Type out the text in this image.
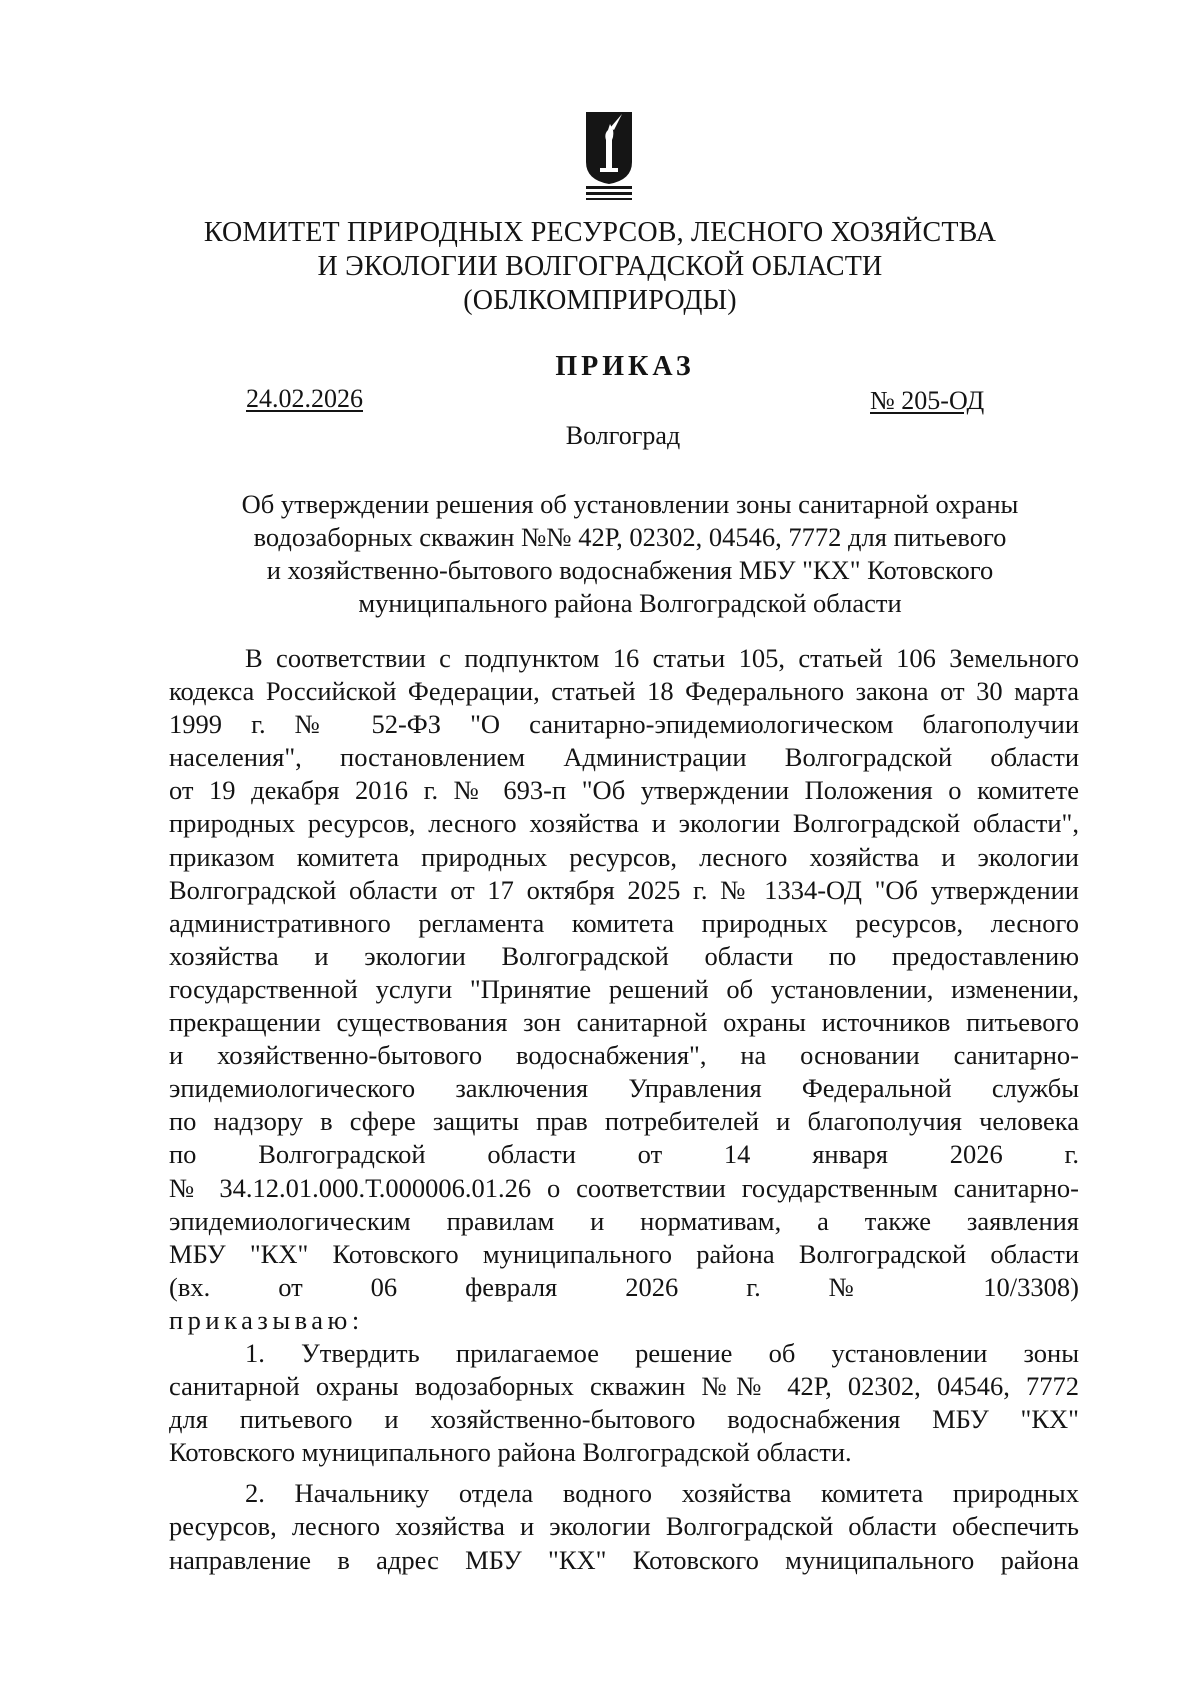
КОМИТЕТ ПРИРОДНЫХ РЕСУРСОВ, ЛЕСНОГО ХОЗЯЙСТВА
И ЭКОЛОГИИ ВОЛГОГРАДСКОЙ ОБЛАСТИ
(ОБЛКОМПРИРОДЫ)
ПРИКАЗ
24.02.2026	№ 205-ОД
Волгоград
Об утверждении решения об установлении зоны санитарной охраны
водозаборных скважин №№ 42Р, 02302, 04546, 7772 для питьевого
и хозяйственно-бытового водоснабжения МБУ "КХ" Котовского
муниципального района Волгоградской области
В соответствии с подпунктом 16 статьи 105, статьей 106 Земельного
кодекса Российской Федерации, статьей 18 Федерального закона от 30 марта
1999 г. № 52-ФЗ "О санитарно-эпидемиологическом благополучии
населения", постановлением Администрации Волгоградской области
от 19 декабря 2016 г. № 693-п "Об утверждении Положения о комитете
природных ресурсов, лесного хозяйства и экологии Волгоградской области",
приказом комитета природных ресурсов, лесного хозяйства и экологии
Волгоградской области от 17 октября 2025 г. № 1334-ОД "Об утверждении
административного регламента комитета природных ресурсов, лесного
хозяйства и экологии Волгоградской области по предоставлению
государственной услуги "Принятие решений об установлении, изменении,
прекращении существования зон санитарной охраны источников питьевого
и хозяйственно-бытового водоснабжения", на основании санитарно-
эпидемиологического заключения Управления Федеральной службы
по надзору в сфере защиты прав потребителей и благополучия человека
по Волгоградской области от 14 января 2026 г.
№ 34.12.01.000.Т.000006.01.26 о соответствии государственным санитарно-
эпидемиологическим правилам и нормативам, а также заявления
МБУ "КХ" Котовского муниципального района Волгоградской области
(вх. от 06 февраля 2026 г. № 10/3308)
приказываю:
1. Утвердить прилагаемое решение об установлении зоны
санитарной охраны водозаборных скважин №№ 42Р, 02302, 04546, 7772
для питьевого и хозяйственно-бытового водоснабжения МБУ "КХ"
Котовского муниципального района Волгоградской области.
2. Начальнику отдела водного хозяйства комитета природных
ресурсов, лесного хозяйства и экологии Волгоградской области обеспечить
направление в адрес МБУ "КХ" Котовского муниципального района
